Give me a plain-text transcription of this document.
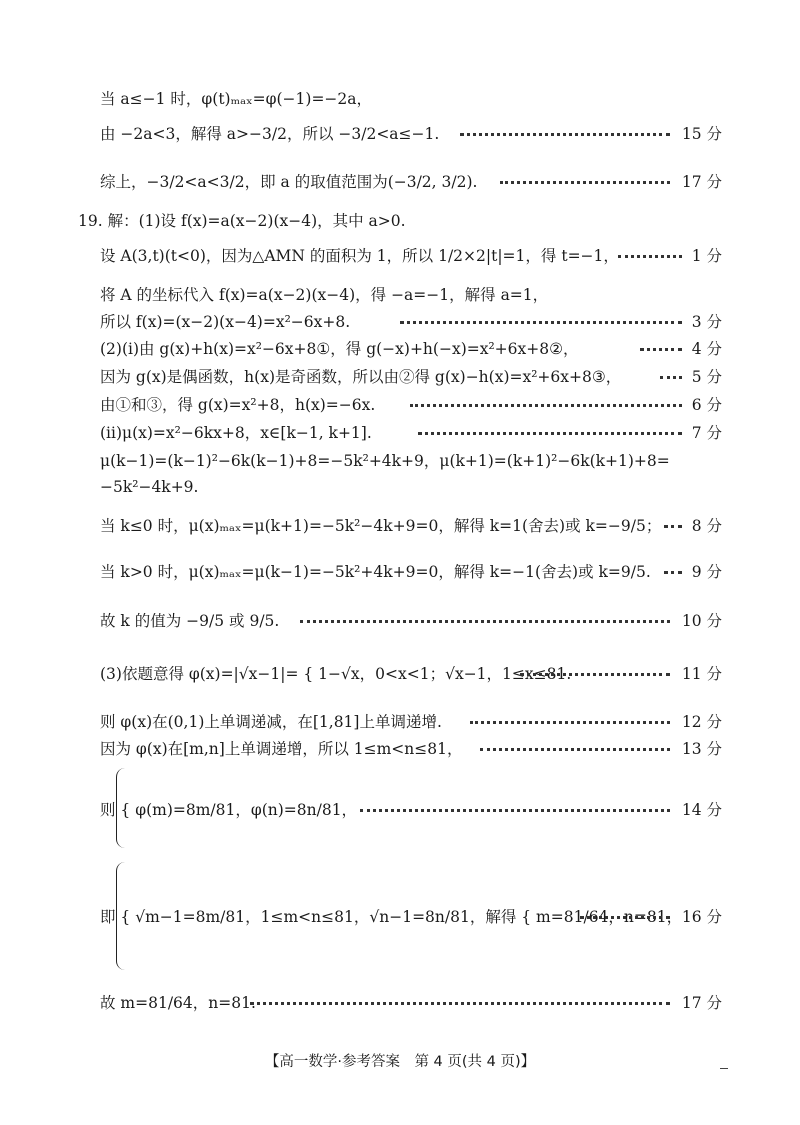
当 a≤−1 时，φ(t)ₘₐₓ=φ(−1)=−2a，
由 −2a<3，解得 a>−3/2，所以 −3/2<a≤−1.	15 分
综上，−3/2<a<3/2，即 a 的取值范围为(−3/2, 3/2).	17 分
19. 解：(1)设 f(x)=a(x−2)(x−4)，其中 a>0.
设 A(3,t)(t<0)，因为△AMN 的面积为 1，所以 1/2×2|t|=1，得 t=−1，	1 分
将 A 的坐标代入 f(x)=a(x−2)(x−4)，得 −a=−1，解得 a=1，
所以 f(x)=(x−2)(x−4)=x²−6x+8.	3 分
(2)(ⅰ)由 g(x)+h(x)=x²−6x+8①，得 g(−x)+h(−x)=x²+6x+8②，	4 分
因为 g(x)是偶函数，h(x)是奇函数，所以由②得 g(x)−h(x)=x²+6x+8③，	5 分
由①和③，得 g(x)=x²+8，h(x)=−6x.	6 分
(ⅱ)μ(x)=x²−6kx+8，x∈[k−1, k+1].	7 分
μ(k−1)=(k−1)²−6k(k−1)+8=−5k²+4k+9，μ(k+1)=(k+1)²−6k(k+1)+8=
−5k²−4k+9.
当 k≤0 时，μ(x)ₘₐₓ=μ(k+1)=−5k²−4k+9=0，解得 k=1(舍去)或 k=−9/5； 8 分
当 k>0 时，μ(x)ₘₐₓ=μ(k−1)=−5k²+4k+9=0，解得 k=−1(舍去)或 k=9/5.	9 分
故 k 的值为 −9/5 或 9/5.	10 分
(3)依题意得 φ(x)=|√x−1|= { 1−√x，0<x<1；√x−1，1≤x≤81.	11 分
则 φ(x)在(0,1)上单调递减，在[1,81]上单调递增.	12 分
因为 φ(x)在[m,n]上单调递增，所以 1≤m<n≤81，	13 分
则 { φ(m)=8m/81，φ(n)=8n/81，	14 分
即 { √m−1=8m/81，1≤m<n≤81，√n−1=8n/81，解得 { m=81/64，n=81， 16 分
故 m=81/64，n=81.	17 分
【高一数学·参考答案　第 4 页(共 4 页)】
